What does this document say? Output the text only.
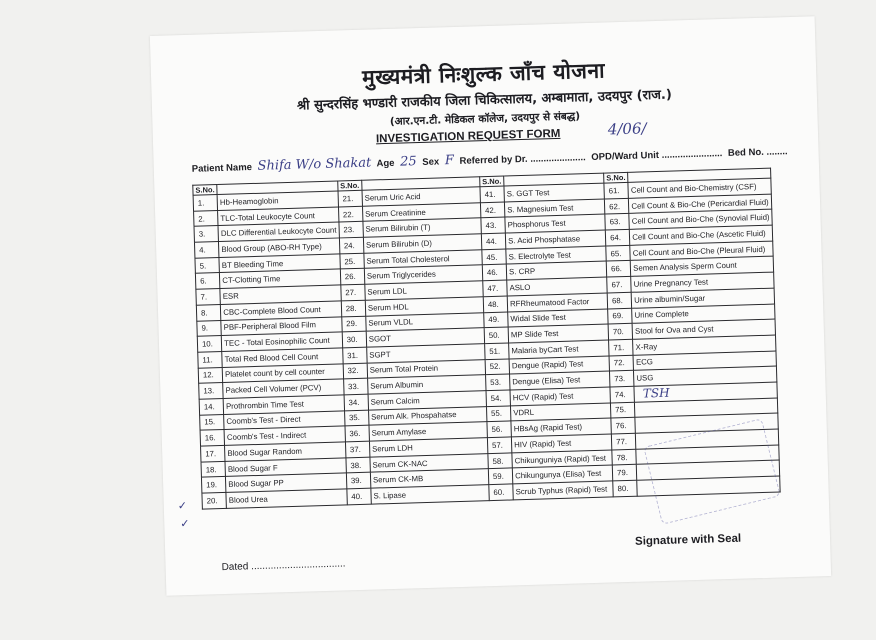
मुख्यमंत्री निःशुल्क जाँच योजना
श्री सुन्दरसिंह भण्डारी राजकीय जिला चिकित्सालय, अम्बामाता, उदयपुर (राज.)
(आर.एन.टी. मेडिकल कॉलेज, उदयपुर से संबद्ध)
INVESTIGATION REQUEST FORM	4/06/
Patient Name Shifa W/o Shakat Age 25 Sex F Referred by Dr. ..................... OPD/Ward Unit ....................... Bed No. ........
S.No.		S.No.		S.No.		S.No.	
1.	Hb-Heamoglobin	21.	Serum Uric Acid	41.	S. GGT Test	61.	Cell Count and Bio-Chemistry (CSF)
2.	TLC-Total Leukocyte Count	22.	Serum Creatinine	42.	S. Magnesium Test	62.	Cell Count & Bio-Che (Pericardial Fluid)
3.	DLC Differential Leukocyte Count	23.	Serum Bilirubin (T)	43.	Phosphorus Test	63.	Cell Count and Bio-Che (Synovial Fluid)
4.	Blood Group (ABO-RH Type)	24.	Serum Bilirubin (D)	44.	S. Acid Phosphatase	64.	Cell Count and Bio-Che (Ascetic Fluid)
5.	BT Bleeding Time	25.	Serum Total Cholesterol	45.	S. Electrolyte Test	65.	Cell Count and Bio-Che (Pleural Fluid)
6.	CT-Clotting Time	26.	Serum Triglycerides	46.	S. CRP	66.	Semen Analysis Sperm Count
7.	ESR	27.	Serum LDL	47.	ASLO	67.	Urine Pregnancy Test
8.	CBC-Complete Blood Count	28.	Serum HDL	48.	RFRheumatood Factor	68.	Urine albumin/Sugar
9.	PBF-Peripheral Blood Film	29.	Serum VLDL	49.	Widal Slide Test	69.	Urine Complete
10.	TEC - Total Eosinophilic Count	30.	SGOT	50.	MP Slide Test	70.	Stool for Ova and Cyst
11.	Total Red Blood Cell Count	31.	SGPT	51.	Malaria byCart Test	71.	X-Ray
12.	Platelet count by cell counter	32.	Serum Total Protein	52.	Dengue (Rapid) Test	72.	ECG
13.	Packed Cell Volumer (PCV)	33.	Serum Albumin	53.	Dengue (Elisa) Test	73.	USG
14.	Prothrombin Time Test	34.	Serum Calcim	54.	HCV (Rapid) Test	74.	TSH
15.	Coomb's Test - Direct	35.	Serum Alk. Phospahatse	55.	VDRL	75.	
16.	Coomb's Test - Indirect	36.	Serum Amylase	56.	HBsAg (Rapid Test)	76.	
17.	Blood Sugar Random	37.	Serum LDH	57.	HIV (Rapid) Test	77.	
18.	Blood Sugar F	38.	Serum CK-NAC	58.	Chikunguniya (Rapid) Test	78.	
19.	Blood Sugar PP	39.	Serum CK-MB	59.	Chikungunya (Elisa) Test	79.	
20.	Blood Urea	40.	S. Lipase	60.	Scrub Typhus (Rapid) Test	80.	
Signature with Seal
Dated ..................................
✓
✓
